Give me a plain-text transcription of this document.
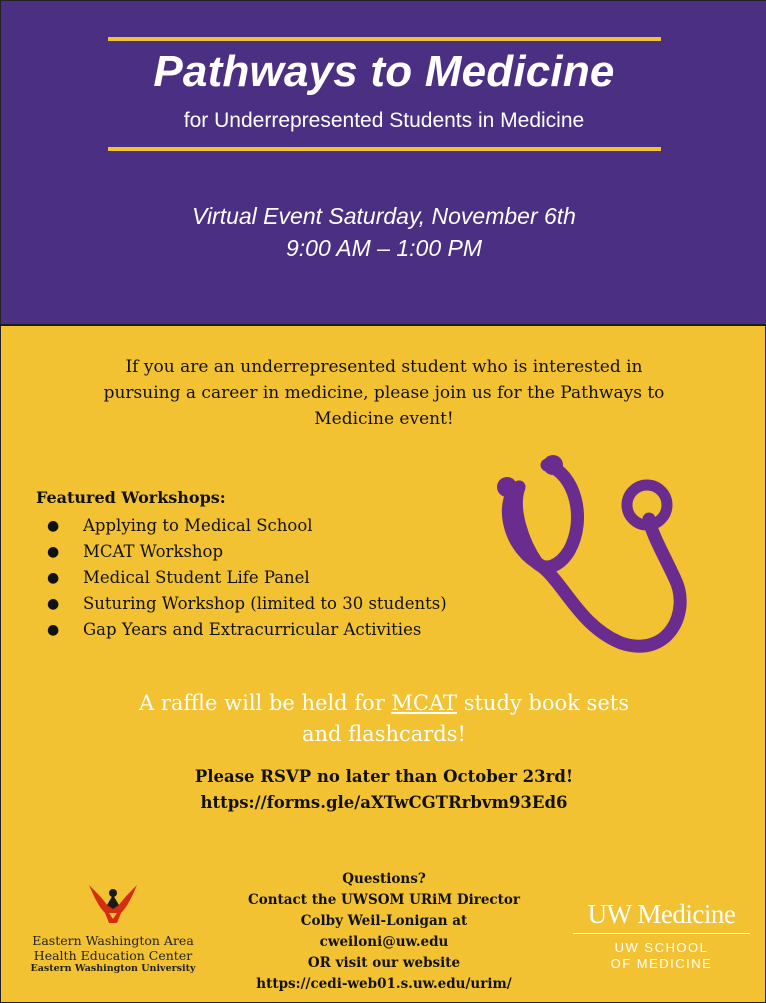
Pathways to Medicine
for Underrepresented Students in Medicine
Virtual Event Saturday, November 6th
9:00 AM – 1:00 PM
If you are an underrepresented student who is interested in
pursuing a career in medicine, please join us for the Pathways to
Medicine event!
Featured Workshops:
● Applying to Medical School
● MCAT Workshop
● Medical Student Life Panel
● Suturing Workshop (limited to 30 students)
● Gap Years and Extracurricular Activities
A raffle will be held for MCAT study book sets
and flashcards!
Please RSVP no later than October 23rd!
https://forms.gle/aXTwCGTRrbvm93Ed6
Questions?
Contact the UWSOM URiM Director
Colby Weil-Lonigan at
cweiloni@uw.edu
OR visit our website
https://cedi-web01.s.uw.edu/urim/
Eastern Washington Area
Health Education Center
Eastern Washington University
UW Medicine
UW SCHOOL
OF MEDICINE
